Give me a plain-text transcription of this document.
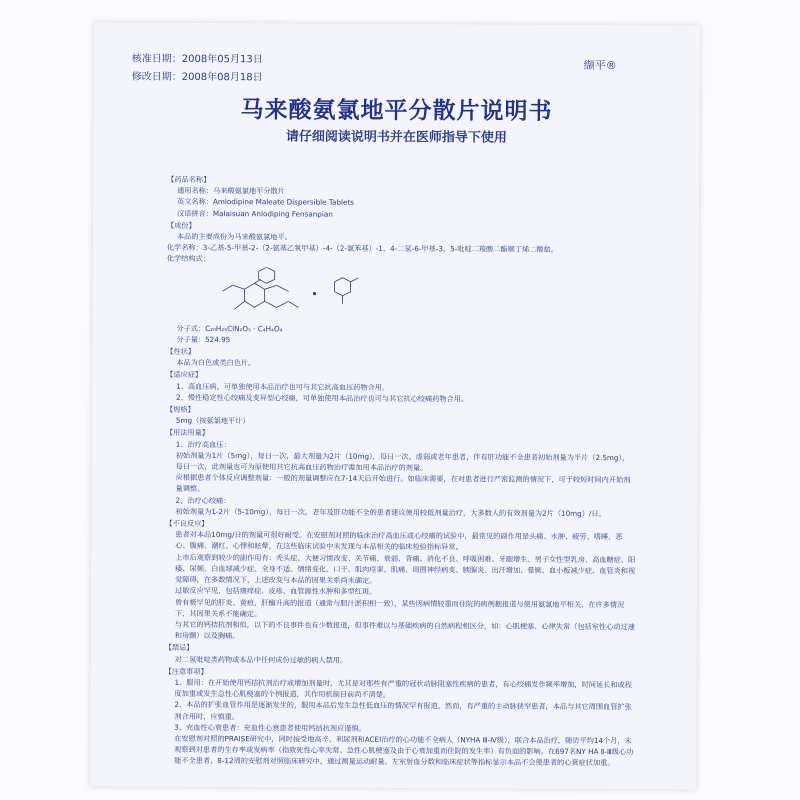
核准日期：2008年05月13日
修改日期：2008年08月18日
缬平®
马来酸氨氯地平分散片说明书
请仔细阅读说明书并在医师指导下使用
【药品名称】
通用名称：马来酸氨氯地平分散片
英文名称：Amlodipine Maleate Dispersible Tablets
汉语拼音：Malaisuan Anlodiping Fensanpian
【成份】
本品的主要成份为马来酸氨氯地平。
化学名称：3-乙基-5-甲基-2-（2-氨基乙氧甲基）-4-（2-氯苯基）-1，4-二氢-6-甲基-3，5-吡啶二羧酸二酯顺丁烯二酸盐。
化学结构式：
分子式：C₂₀H₂₅ClN₂O₅ · C₄H₄O₄
分子量：524.95
【性状】
本品为白色或类白色片。
【适应症】
1、高血压病，可单独使用本品治疗也可与其它抗高血压药物合用。
2、慢性稳定性心绞痛及变异型心绞痛，可单独使用本品治疗也可与其它抗心绞痛药物合用。
【规格】
5mg（按氨氯地平计）
【用法用量】
1、治疗高血压：
初始剂量为1片（5mg），每日一次，最大剂量为2片（10mg），每日一次。虚弱或老年患者，伴有肝功能不全患者初始剂量为半片（2.5mg），每日一次，此剂量也可为原使用其它抗高血压药物治疗需加用本品治疗的剂量。
应根据患者个体反应调整剂量：一般的剂量调整应在7-14天后开始进行。如临床需要，在对患者进行严密监测的情况下，可于较短时间内开始剂量调整。
2、治疗心绞痛：
初始剂量为1-2片（5-10mg），每日一次。老年及肝功能不全的患者建议使用较低剂量治疗，大多数人的有效剂量为2片（10mg）/日。
【不良反应】
患者对本品10mg/日的剂量可很好耐受。在安慰剂对照的临床治疗高血压或心绞痛的试验中，最常见的副作用是头痛、水肿、疲劳、嗜睡、恶心、腹痛、潮红、心悸和眩晕，在这些临床试验中未发现与本品相关的临床检验指标异常。
上市后观察到较少的副作用有：秃头症、大便习惯改变、关节痛、衰弱、背痛、消化不良、呼吸困难、牙龈增生、男子女性型乳房、高血糖症、阳痿、尿频、白血球减少症、全身不适、情绪变化、口干、肌肉痉挛、肌痛、周围神经病变、胰腺炎、出汗增加、晕厥、血小板减少症、血管炎和视觉障碍，在多数情况下，上述改变与本品的因果关系尚未确定。
过敏反应罕见，包括瘙痒症、皮疹、血管源性水肿和多型红斑。
曾有极罕见的肝炎、黄疸，肝酶升高的报道（通常与胆汁淤积相一致），某些因病情较重而住院的病例据报道与使用氨氯地平相关，在许多情况下，其因果关系不能确定。
与其它的钙拮抗剂相似，以下的不良事件也有少数报道，但事件难以与基础疾病的自然病程相区分，如：心肌梗塞、心律失常（包括室性心动过速和房颤）以及胸痛。
【禁忌】
对二氢吡啶类药物或本品中任何成份过敏的病人禁用。
【注意事项】
1、服用：在开始使用钙拮抗剂治疗或增加剂量时，尤其是对那些有严重的冠状动脉阻塞性疾病的患者，有心绞痛发作频率增加，时间延长和或程度加重或发生急性心肌梗塞的个例报道，其作用机制目前尚不清楚。
2、本品的扩张血管作用是逐渐发生的，服用本品后发生急性低血压的情况罕有报道，然而，有严重的主动脉狭窄患者，本品与其它周围血管扩张剂合用时，应慎重。
3、充血性心衰患者：充血性心衰患者使用钙拮抗剂应谨慎。
在安慰剂对照的PRAISE研究中，同时接受地高辛、利尿剂和ACEI治疗的心功能不全病人（NYHA Ⅲ-Ⅳ级），联合本品治疗，随访平均14个月，未观察到对患者的生存率或发病率（指致死性心率失常、急性心肌梗塞及由于心衰加重而住院的发生率）有负面的影响。在697名NY HA Ⅱ-Ⅲ级心功能不全患者，8-12周的安慰剂对照临床研究中，通过测量运动耐量、左室射血分数和临床症状等指标显示本品不会使患者的心衰症状加重。
